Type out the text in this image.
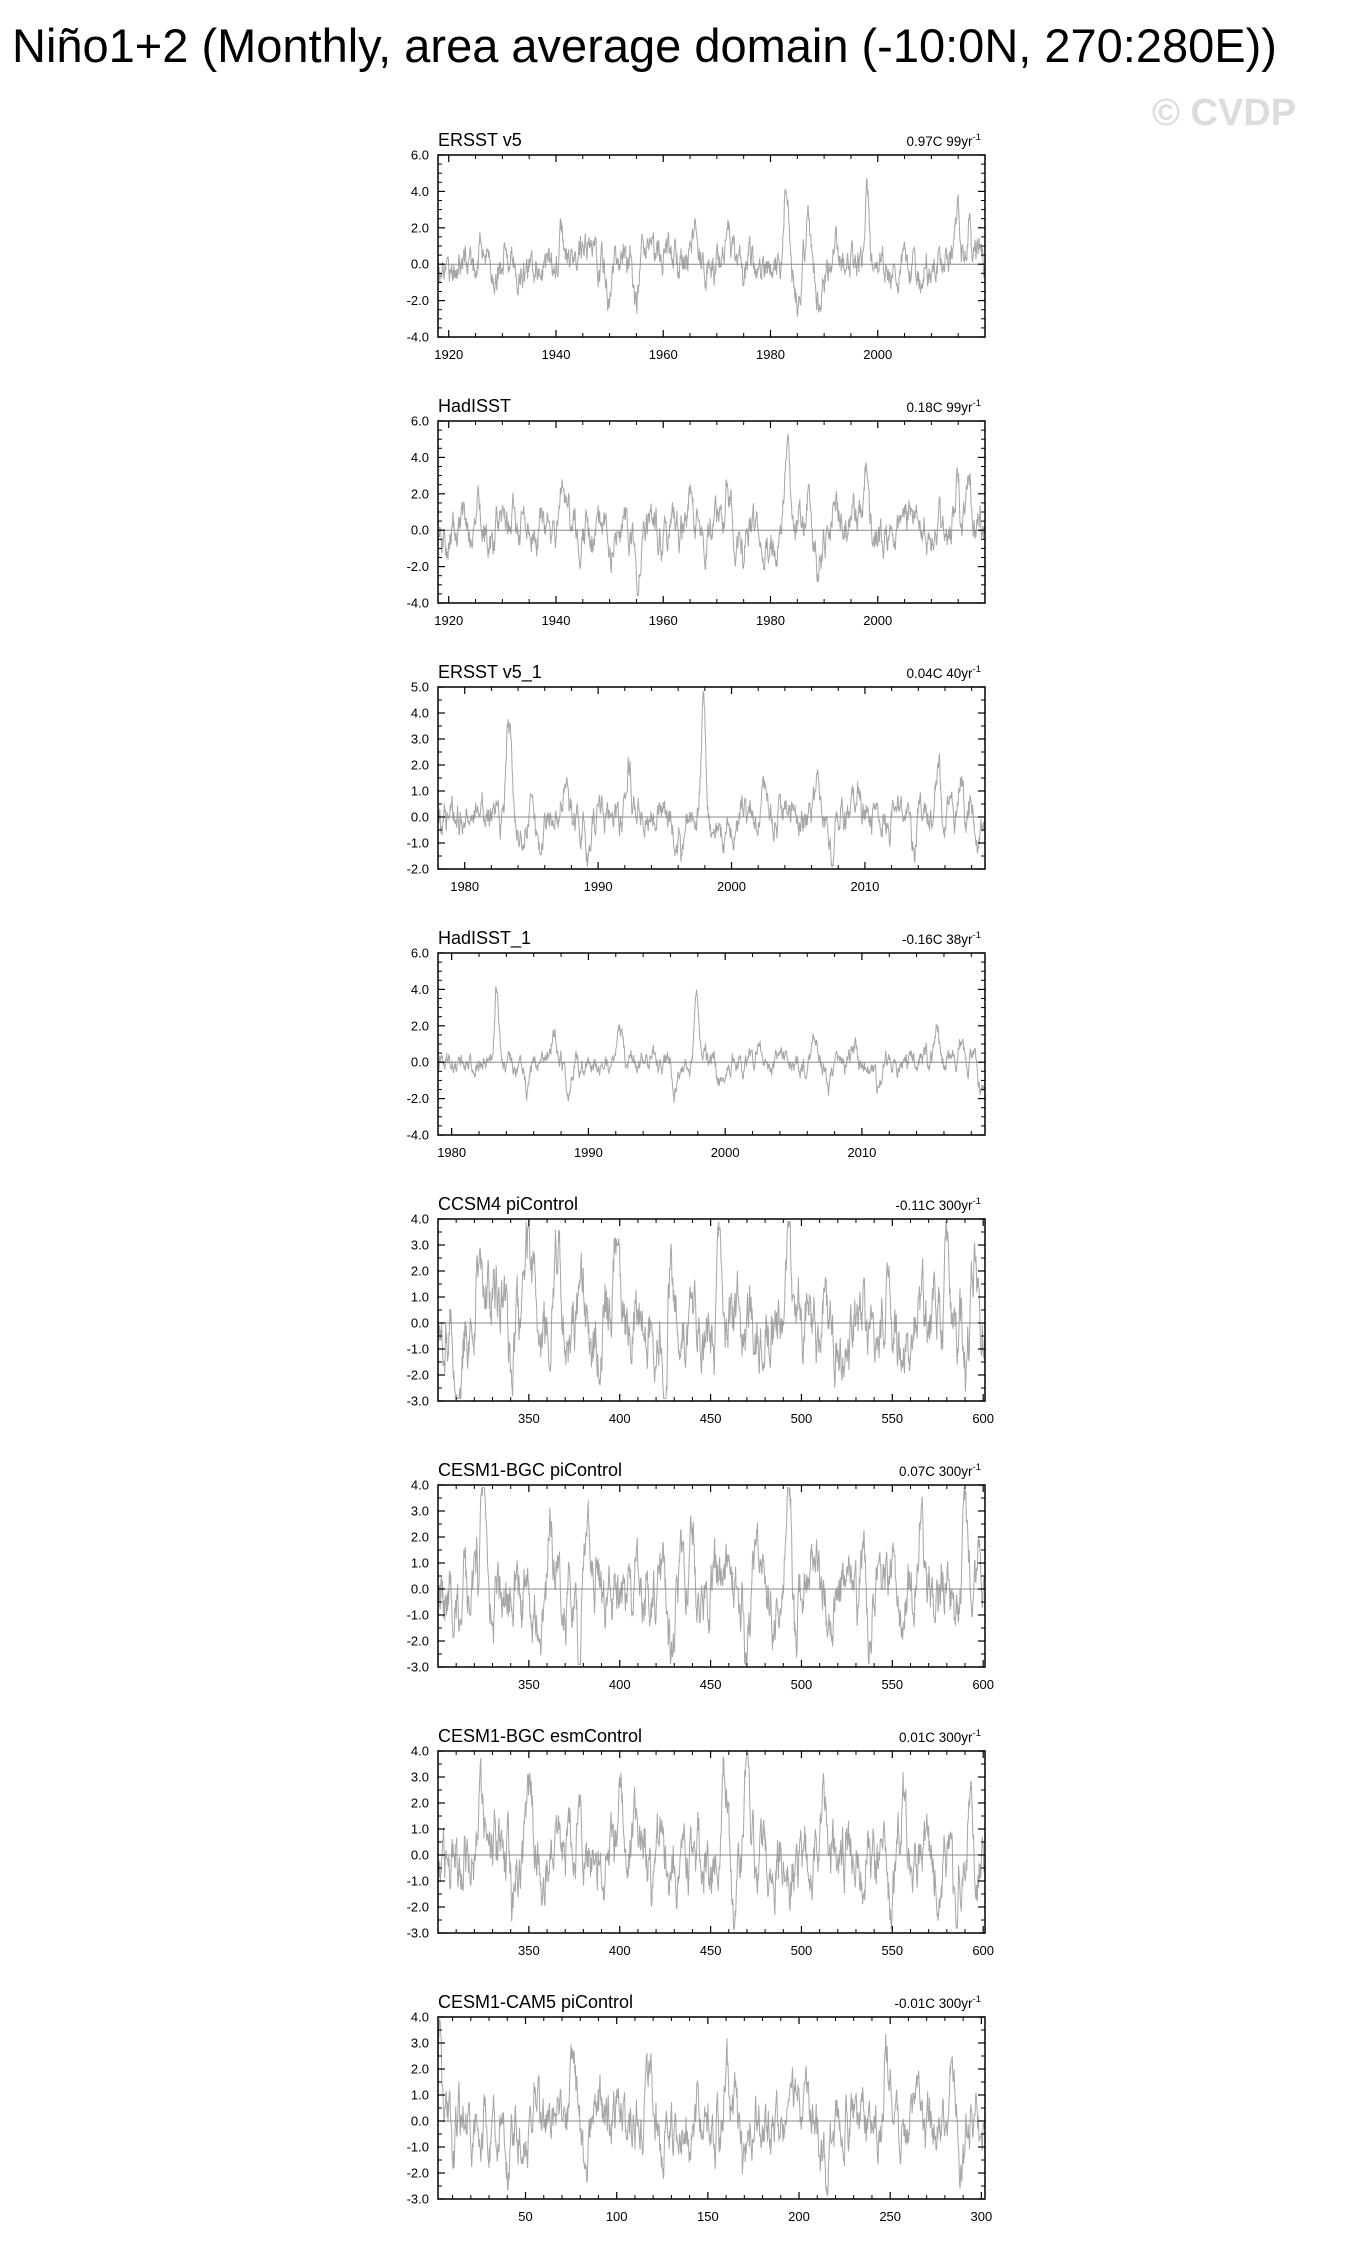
Niño1+2 (Monthly, area average domain (-10:0N, 270:280E))
© CVDP
ERSST v5	0.97C $99yr^{-1}$
6.0
4.0
2.0
0.0
-2.0
-4.0
1920	1940	1960	1980	2000
HadISST	0.18C $99yr^{-1}$
6.0
4.0
2.0
0.0
-2.0
-4.0
1920	1940	1960	1980	2000
ERSST v5_1	0.04C $40yr^{-1}$
5.0
4.0
3.0
2.0
1.0
0.0
-1.0
-2.0
1980	1990	2000	2010
HadISST_1	-0.16C $38yr^{-1}$
6.0
4.0
2.0
0.0
-2.0
-4.0
1980	1990	2000	2010
CCSM4 piControl	-0.11C $300yr^{-1}$
4.0
3.0
2.0
1.0
0.0
-1.0
-2.0
-3.0
350	400	450	500	550	600
CESM1-BGC piControl	0.07C $300yr^{-1}$
4.0
3.0
2.0
1.0
0.0
-1.0
-2.0
-3.0
350	400	450	500	550	600
CESM1-BGC esmControl	0.01C $300yr^{-1}$
4.0
3.0
2.0
1.0
0.0
-1.0
-2.0
-3.0
350	400	450	500	550	600
CESM1-CAM5 piControl	-0.01C $300yr^{-1}$
4.0
3.0
2.0
1.0
0.0
-1.0
-2.0
-3.0
50	100	150	200	250	300
